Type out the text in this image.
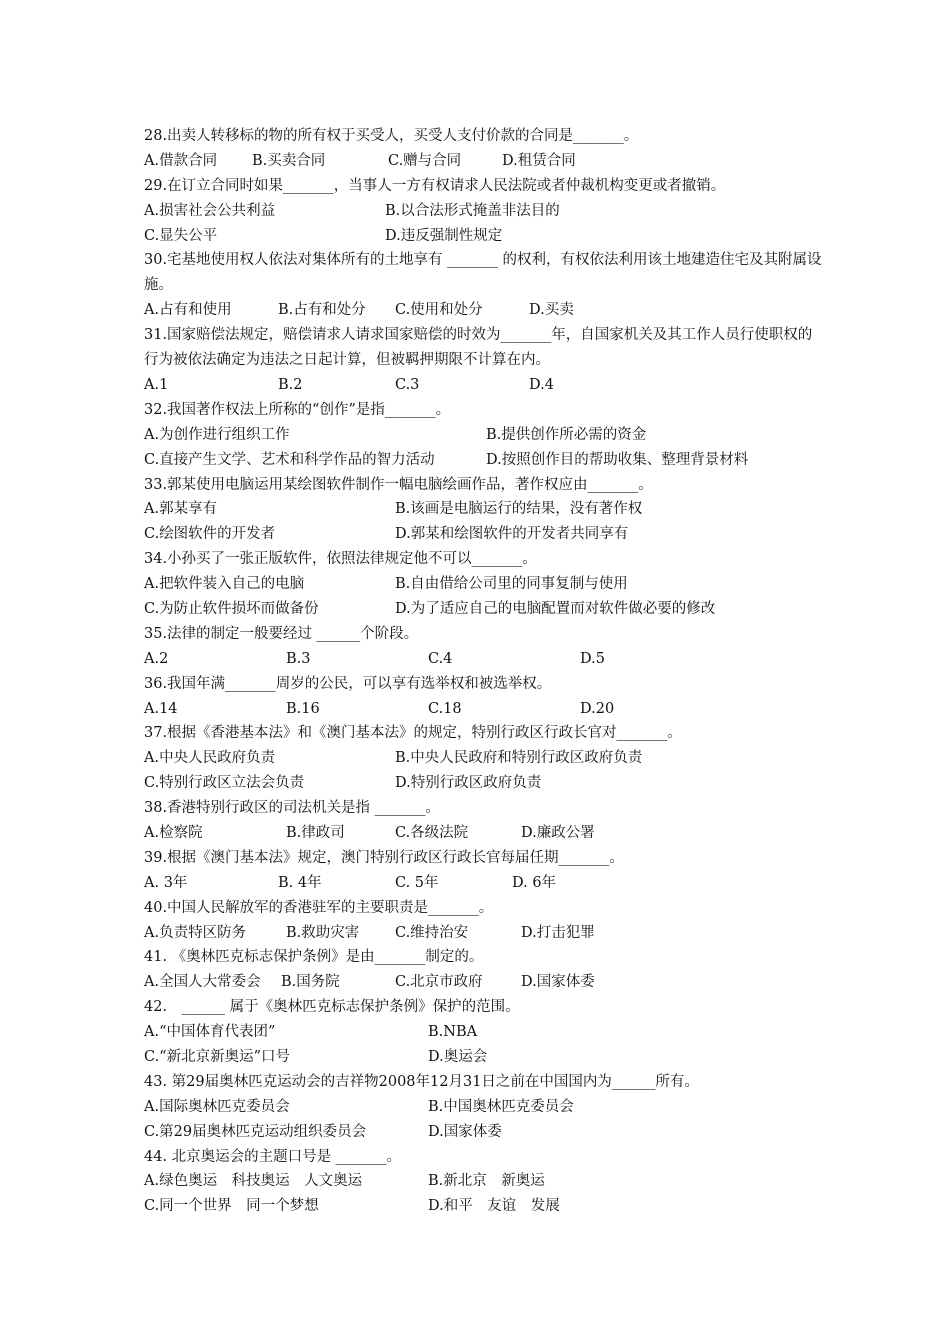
28.出卖人转移标的物的所有权于买受人，买受人支付价款的合同是_______。
A.借款合同 B.买卖合同	C.赠与合同	D.租赁合同
29.在订立合同时如果_______，当事人一方有权请求人民法院或者仲裁机构变更或者撤销。
A.损害社会公共利益	B.以合法形式掩盖非法目的
C.显失公平	D.违反强制性规定
30.宅基地使用权人依法对集体所有的土地享有 _______ 的权利，有权依法利用该土地建造住宅及其附属设施。
A.占有和使用	B.占有和处分 C.使用和处分	D.买卖
31.国家赔偿法规定，赔偿请求人请求国家赔偿的时效为_______年，自国家机关及其工作人员行使职权的行为被依法确定为违法之日起计算，但被羁押期限不计算在内。
A.1	B.2	C.3	D.4
32.我国著作权法上所称的“创作”是指_______。
A.为创作进行组织工作	B.提供创作所必需的资金
C.直接产生文学、艺术和科学作品的智力活动	D.按照创作目的帮助收集、整理背景材料
33.郭某使用电脑运用某绘图软件制作一幅电脑绘画作品，著作权应由_______。
A.郭某享有	B.该画是电脑运行的结果，没有著作权
C.绘图软件的开发者	D.郭某和绘图软件的开发者共同享有
34.小孙买了一张正版软件，依照法律规定他不可以_______。
A.把软件装入自己的电脑	B.自由借给公司里的同事复制与使用
C.为防止软件损坏而做备份	D.为了适应自己的电脑配置而对软件做必要的修改
35.法律的制定一般要经过 ______个阶段。
A.2	B.3	C.4	D.5
36.我国年满_______周岁的公民，可以享有选举权和被选举权。
A.14	B.16	C.18	D.20
37.根据《香港基本法》和《澳门基本法》的规定，特别行政区行政长官对_______。
A.中央人民政府负责	B.中央人民政府和特别行政区政府负责
C.特别行政区立法会负责	D.特别行政区政府负责
38.香港特别行政区的司法机关是指 _______。
A.检察院	B.律政司	C.各级法院	D.廉政公署
39.根据《澳门基本法》规定，澳门特别行政区行政长官每届任期_______。
A. 3年	B. 4年	C. 5年	D. 6年
40.中国人民解放军的香港驻军的主要职责是_______。
A.负责特区防务	B.救助灾害 C.维持治安	D.打击犯罪
41. 《奥林匹克标志保护条例》是由_______制定的。
A.全国人大常委会 B.国务院	C.北京市政府	D.国家体委
42.　______ 属于《奥林匹克标志保护条例》保护的范围。
A.“中国体育代表团”	B.NBA
C.“新北京新奥运”口号	D.奥运会
43. 第29届奥林匹克运动会的吉祥物2008年12月31日之前在中国国内为______所有。
A.国际奥林匹克委员会	B.中国奥林匹克委员会
C.第29届奥林匹克运动组织委员会	D.国家体委
44. 北京奥运会的主题口号是 _______。
A.绿色奥运　科技奥运　人文奥运	B.新北京　新奥运
C.同一个世界　同一个梦想	D.和平　友谊　发展
